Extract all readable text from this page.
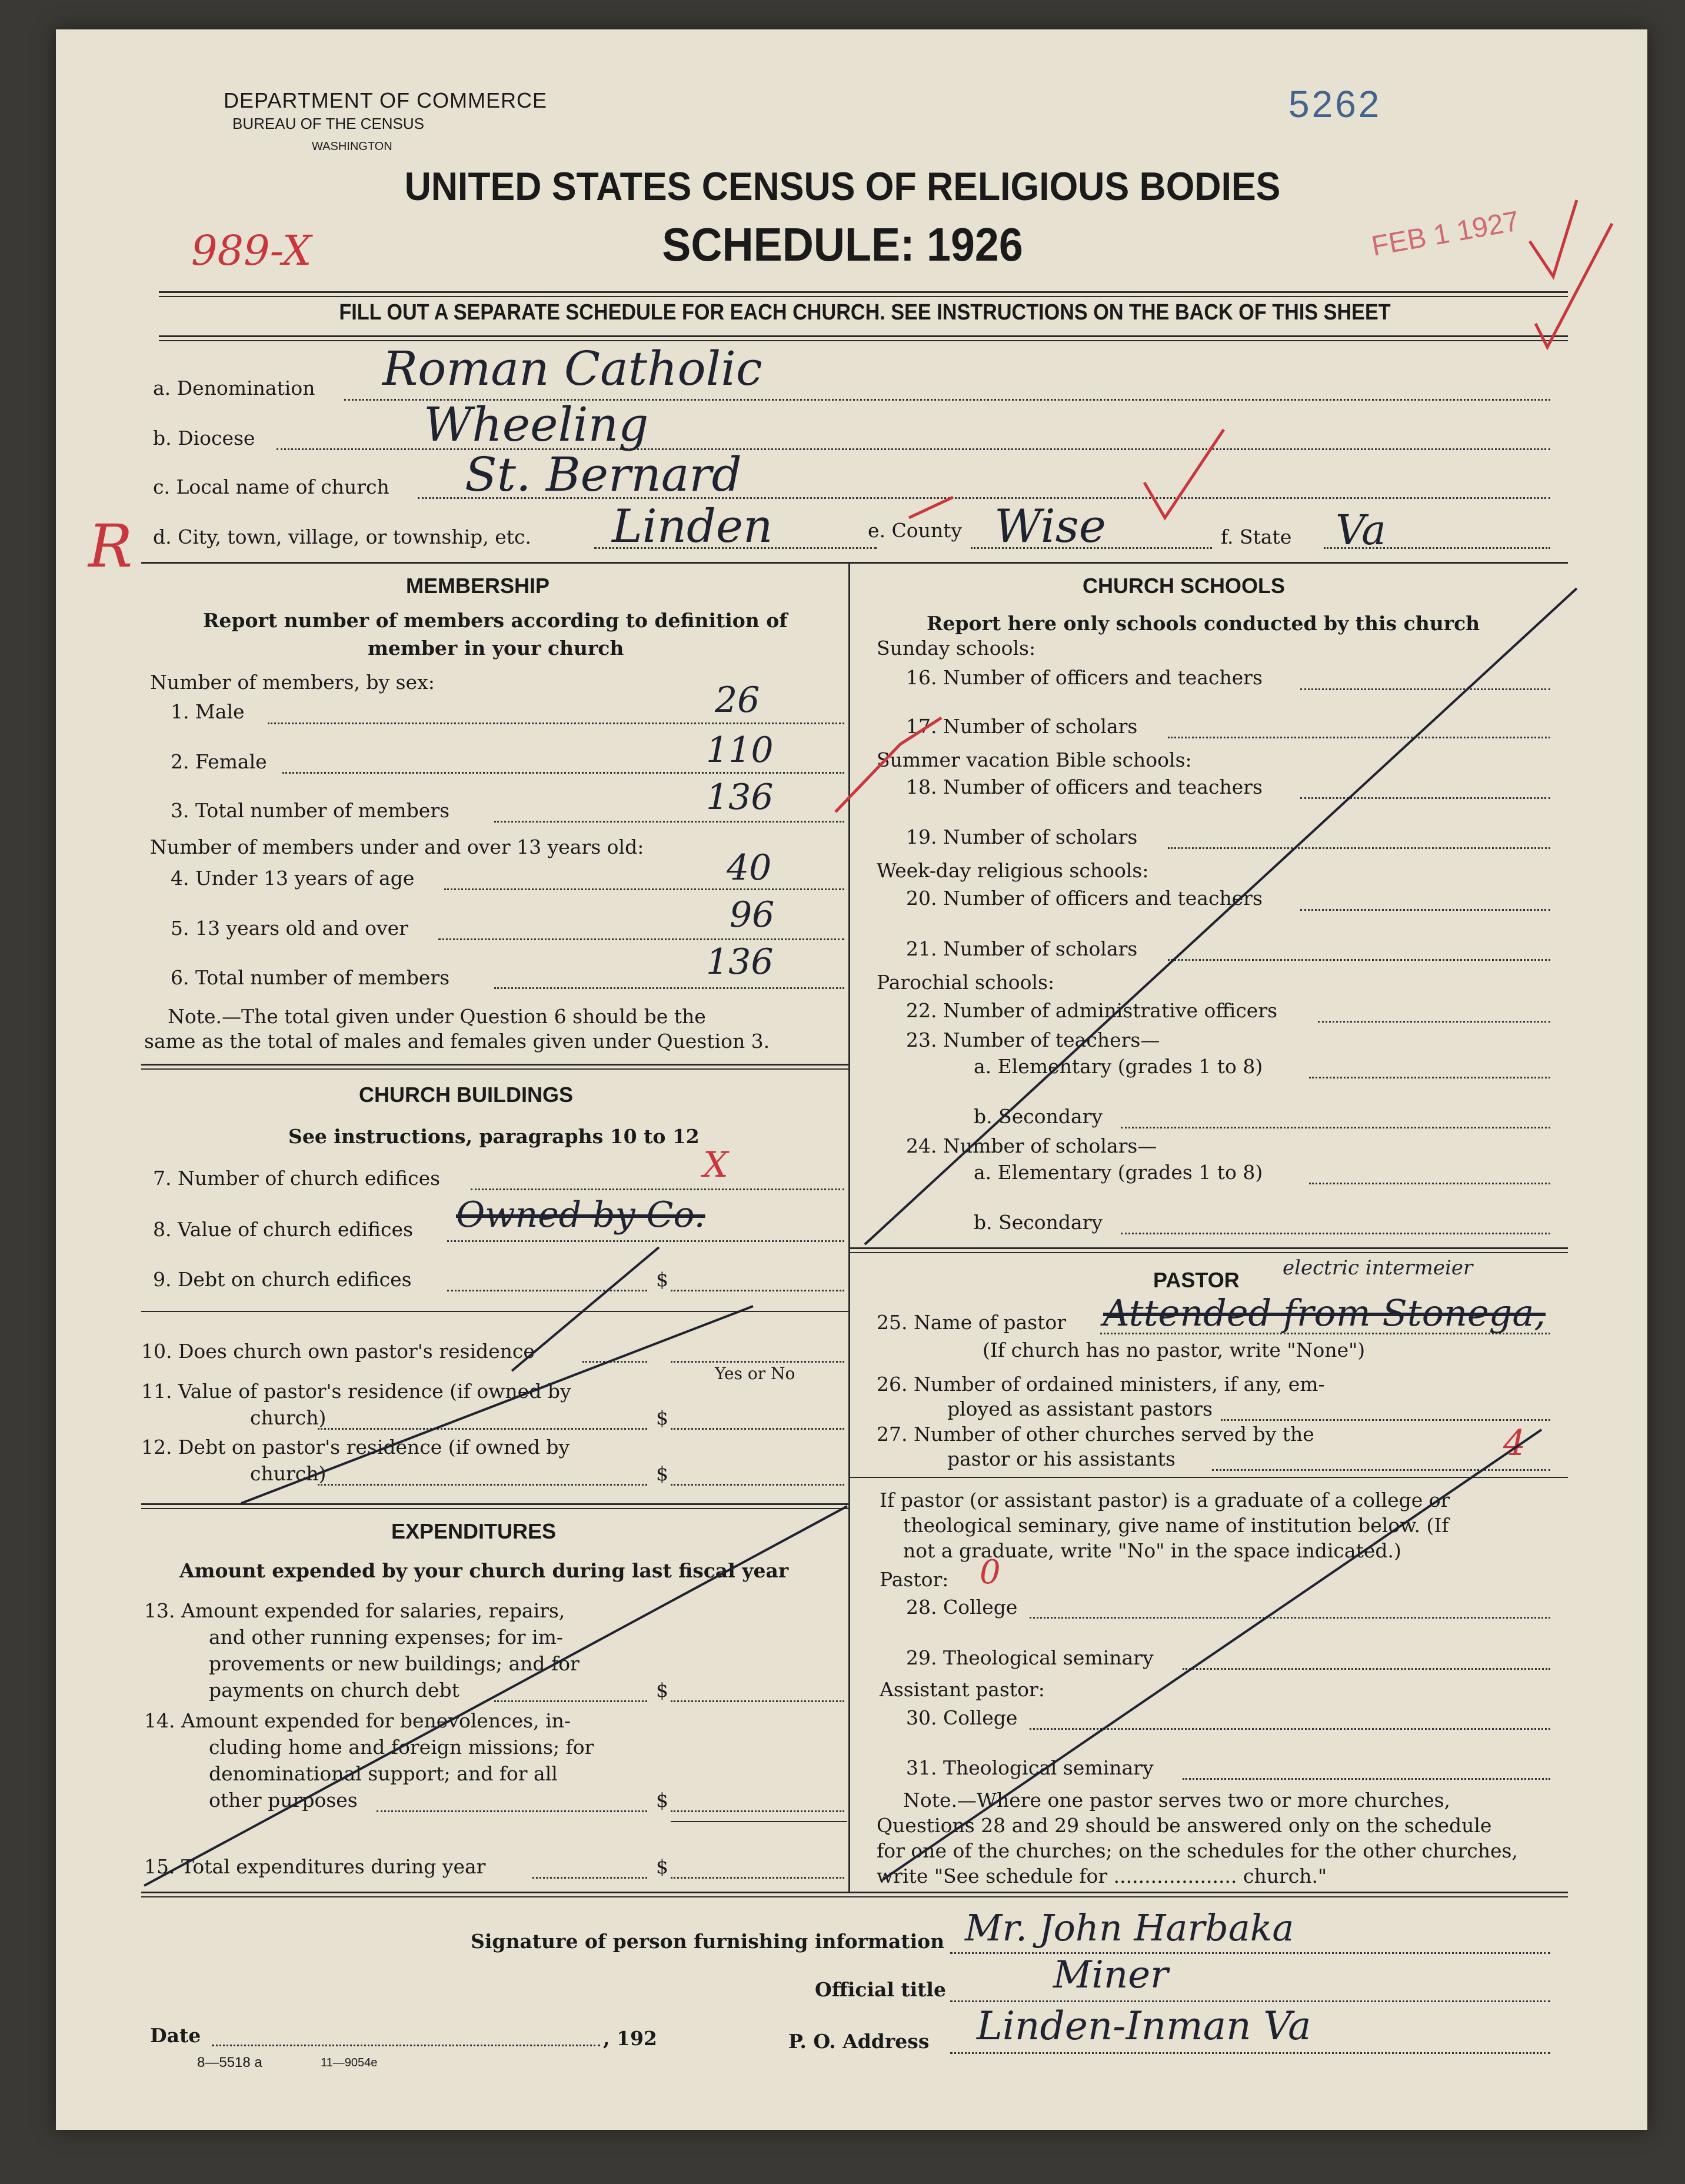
5262
DEPARTMENT OF COMMERCE
BUREAU OF THE CENSUS
WASHINGTON
UNITED STATES CENSUS OF RELIGIOUS BODIES
SCHEDULE: 1926
989-X	FEB 1 1927
FILL OUT A SEPARATE SCHEDULE FOR EACH CHURCH. SEE INSTRUCTIONS ON THE BACK OF THIS SHEET
a. Denomination Roman Catholic
b. Diocese	Wheeling
c. Local name of church St. Bernard
d. City, town, village, or township, etc. Linden	e. County Wise	f. State Va
R
MEMBERSHIP
Report number of members according to definition of
member in your church
Number of members, by sex:
1. Male	26
2. Female	110
3. Total number of members	136
Number of members under and over 13 years old:
4. Under 13 years of age	40
5. 13 years old and over	96
6. Total number of members	136
Note.—The total given under Question 6 should be the
same as the total of males and females given under Question 3.
CHURCH BUILDINGS
See instructions, paragraphs 10 to 12
7. Number of church edifices	X
8. Value of church edifices Owned by Co.
9. Debt on church edifices	$
10. Does church own pastor's residence
Yes or No
11. Value of pastor's residence (if owned by
church)	$
12. Debt on pastor's residence (if owned by
church)	$
EXPENDITURES
Amount expended by your church during last fiscal year
13. Amount expended for salaries, repairs,
and other running expenses; for im-
provements or new buildings; and for
payments on church debt	$
14. Amount expended for benevolences, in-
cluding home and foreign missions; for
denominational support; and for all
other purposes	$
15. Total expenditures during year	$
CHURCH SCHOOLS
Report here only schools conducted by this church
Sunday schools:
16. Number of officers and teachers
17. Number of scholars
Summer vacation Bible schools:
18. Number of officers and teachers
19. Number of scholars
Week-day religious schools:
20. Number of officers and teachers
21. Number of scholars
Parochial schools:
22. Number of administrative officers
23. Number of teachers—
a. Elementary (grades 1 to 8)
b. Secondary
24. Number of scholars—
a. Elementary (grades 1 to 8)
b. Secondary
PASTOR electric intermeier
25. Name of pastor Attended from Stonega,
(If church has no pastor, write "None")
26. Number of ordained ministers, if any, em-
ployed as assistant pastors
27. Number of other churches served by the
pastor or his assistants	4
If pastor (or assistant pastor) is a graduate of a college or
theological seminary, give name of institution below. (If
not a graduate, write "No" in the space indicated.)
Pastor: 0
28. College
29. Theological seminary
Assistant pastor:
30. College
31. Theological seminary
Note.—Where one pastor serves two or more churches,
Questions 28 and 29 should be answered only on the schedule
for one of the churches; on the schedules for the other churches,
write "See schedule for .................... church."
Signature of person furnishing information Mr. John Harbaka
Official title	Miner
Date	, 192	P. O. Address Linden-Inman Va
8—5518 a	11—9054e
